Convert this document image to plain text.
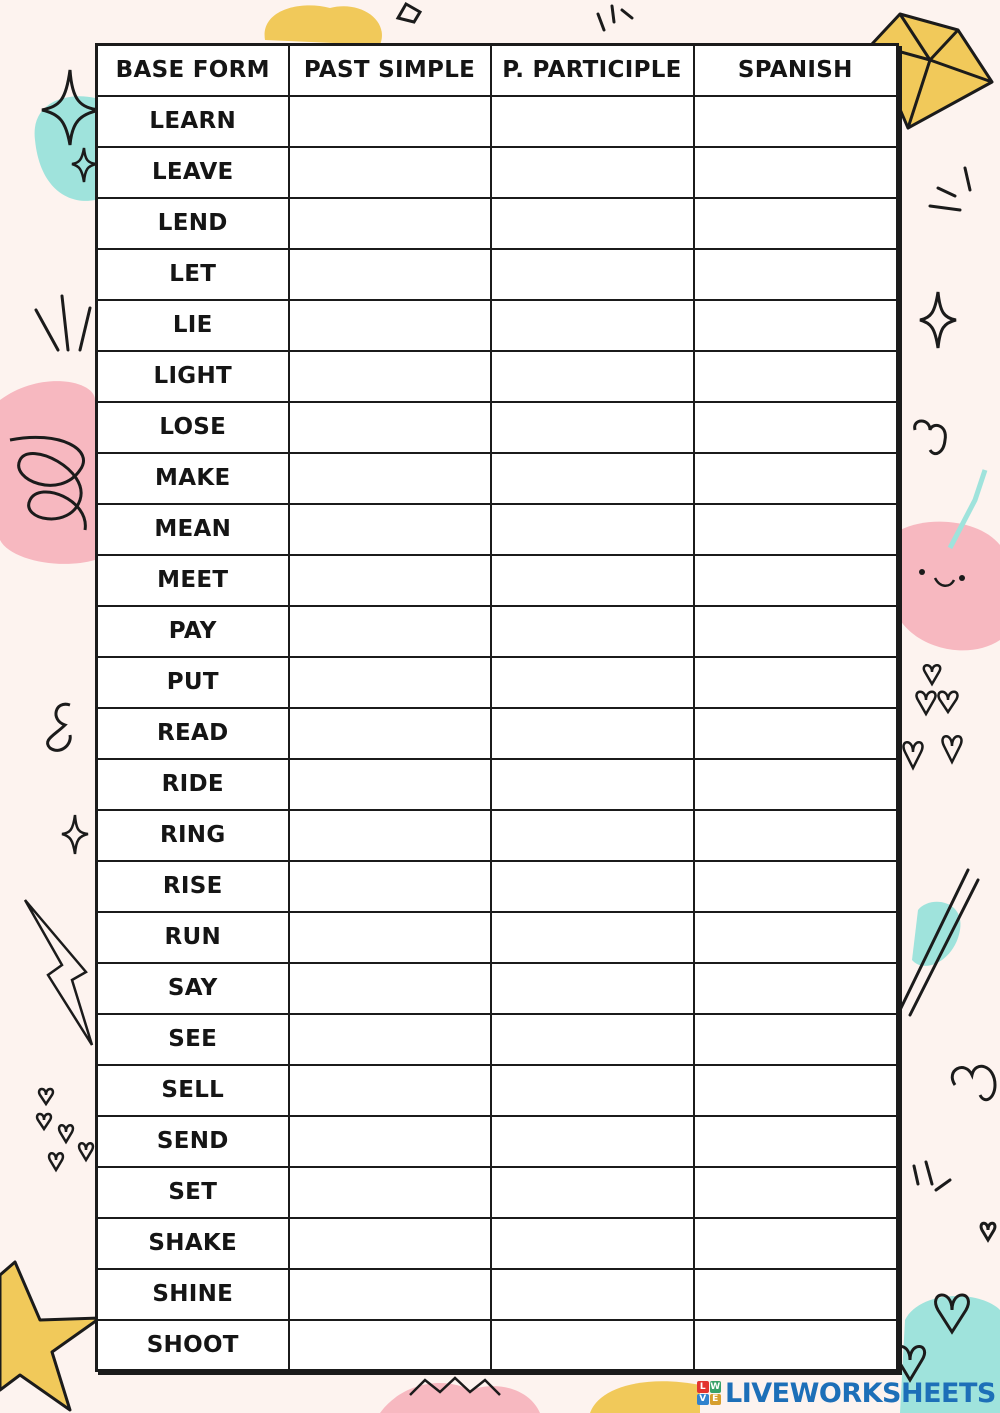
BASE FORM	PAST SIMPLE	P. PARTICIPLE	SPANISH
LEARN			
LEAVE			
LEND			
LET			
LIE			
LIGHT			
LOSE			
MAKE			
MEAN			
MEET			
PAY			
PUT			
READ			
RIDE			
RING			
RISE			
RUN			
SAY			
SEE			
SELL			
SEND			
SET			
SHAKE			
SHINE			
SHOOT			
L W
V E LIVEWORKSHEETS
